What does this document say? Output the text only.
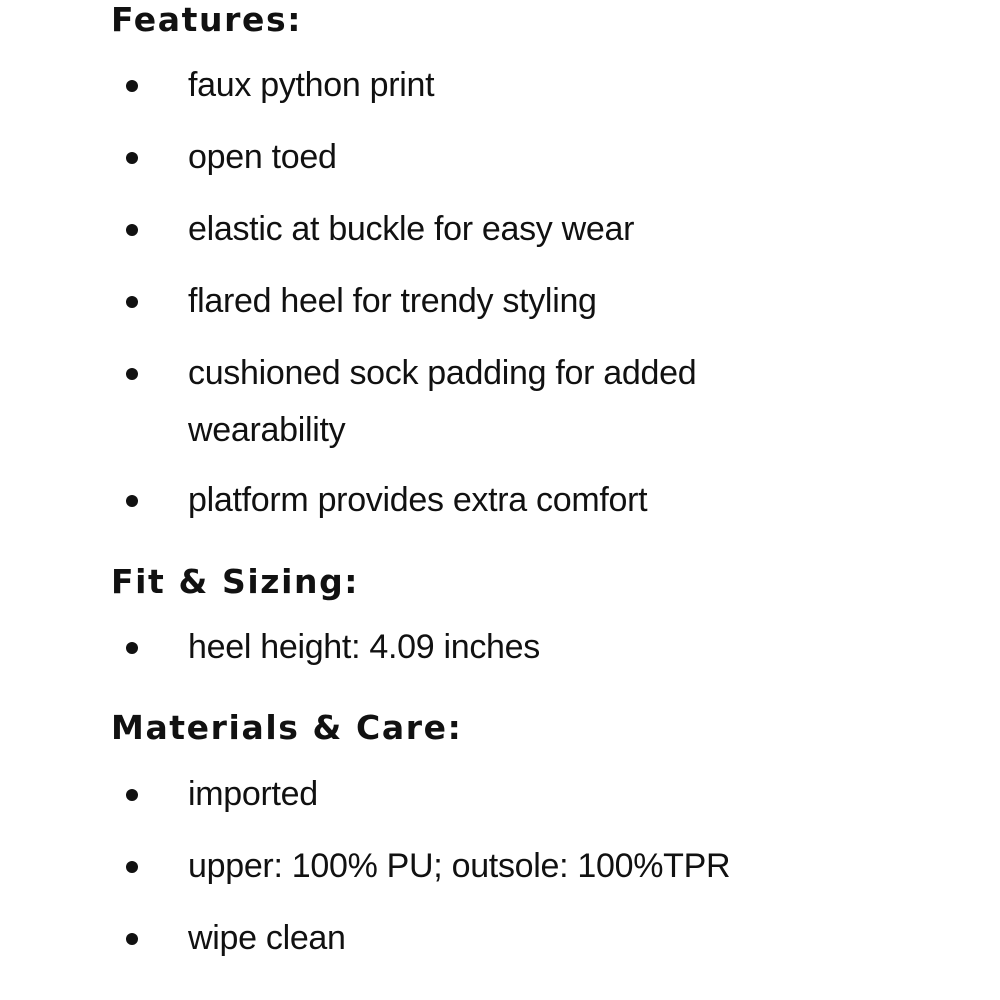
Features:
faux python print
open toed
elastic at buckle for easy wear
flared heel for trendy styling
cushioned sock padding for added wearability
platform provides extra comfort
Fit & Sizing:
heel height: 4.09 inches
Materials & Care:
imported
upper: 100% PU; outsole: 100%TPR
wipe clean
